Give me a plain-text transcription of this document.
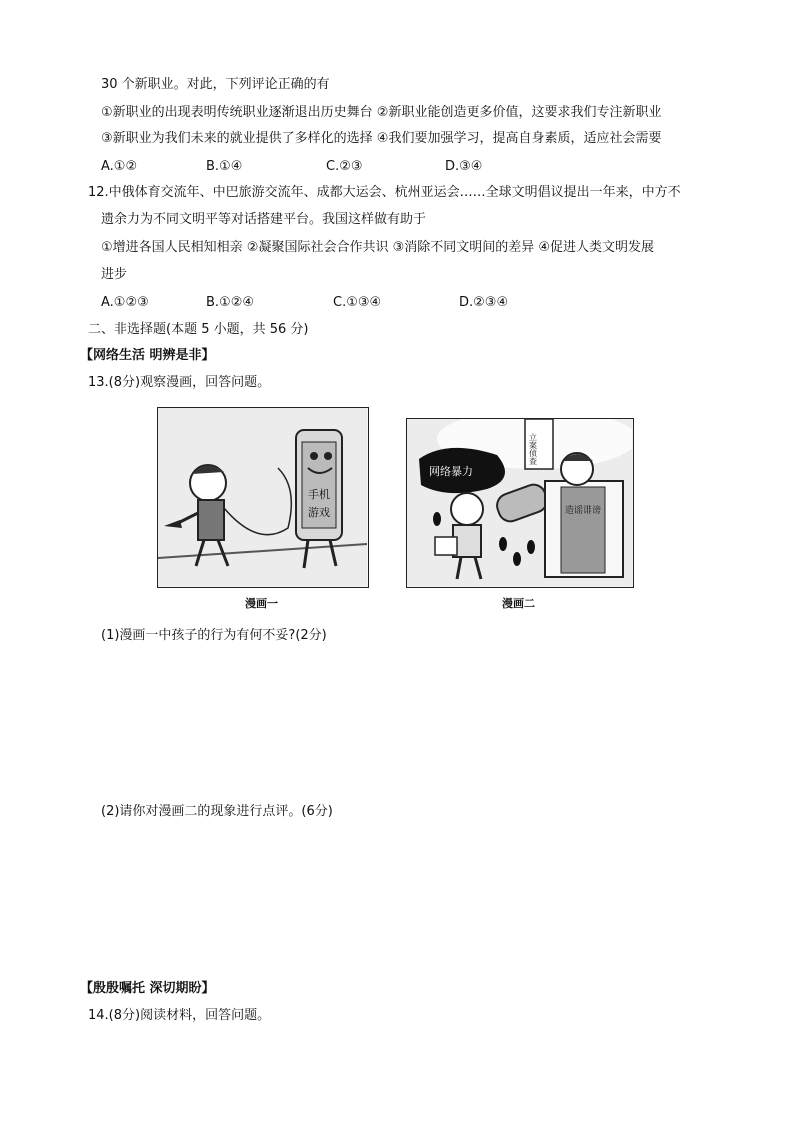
30 个新职业。对此，下列评论正确的有
①新职业的出现表明传统职业逐渐退出历史舞台 ②新职业能创造更多价值，这要求我们专注新职业
③新职业为我们未来的就业提供了多样化的选择 ④我们要加强学习，提高自身素质，适应社会需要
A.①②	B.①④	C.②③	D.③④
12.中俄体育交流年、中巴旅游交流年、成都大运会、杭州亚运会……全球文明倡议提出一年来，中方不
遗余力为不同文明平等对话搭建平台。我国这样做有助于
①增进各国人民相知相亲 ②凝聚国际社会合作共识 ③消除不同文明间的差异 ④促进人类文明发展
进步
A.①②③	B.①②④	C.①③④	D.②③④
二、非选择题(本题 5 小题，共 56 分)
【网络生活 明辨是非】
13.(8分)观察漫画，回答问题。
手机
游戏
漫画一
立案侦查
网络暴力
造谣诽谤
漫画二
(1)漫画一中孩子的行为有何不妥?(2分)
(2)请你对漫画二的现象进行点评。(6分)
【殷殷嘱托 深切期盼】
14.(8分)阅读材料，回答问题。
